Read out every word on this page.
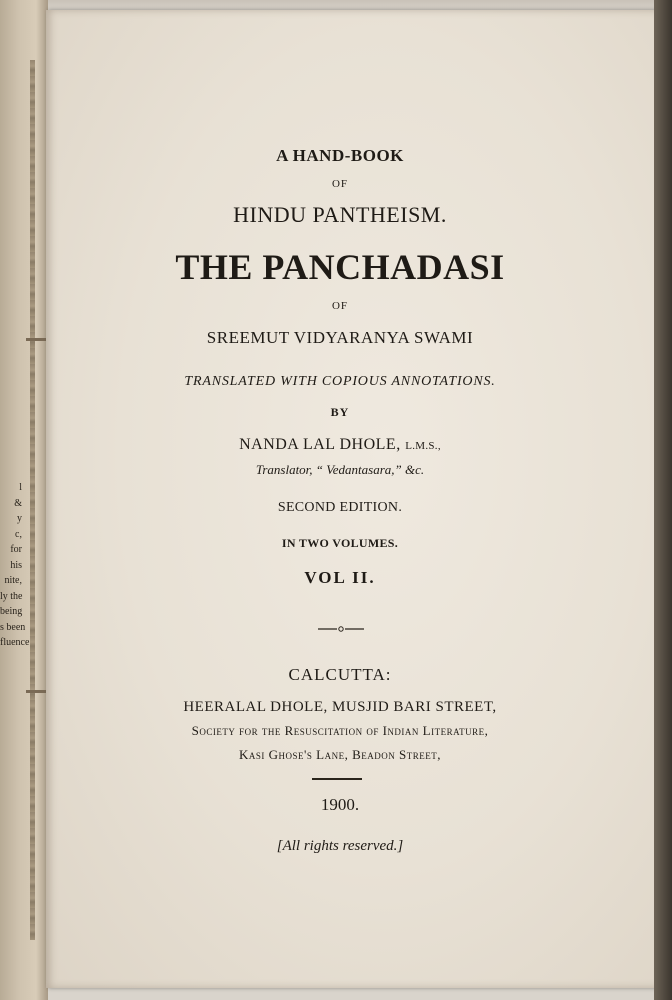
l
&
y
c,
for
his
nite,
ly the
being
s been
fluence
A HAND-BOOK
OF
HINDU PANTHEISM.
THE PANCHADASI
OF
SREEMUT VIDYARANYA SWAMI
TRANSLATED WITH COPIOUS ANNOTATIONS.
BY
NANDA LAL DHOLE, L.M.S.,
Translator, “ Vedantasara,” &c.
SECOND EDITION.
IN TWO VOLUMES.
VOL II.
CALCUTTA:
HEERALAL DHOLE, MUSJID BARI STREET,
Society for the Resuscitation of Indian Literature,
Kasi Ghose's Lane, Beadon Street,
1900.
[All rights reserved.]
